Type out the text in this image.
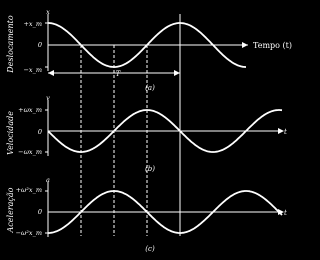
Deslocamento
x
+x_m
0
−x_m
Tempo (t)
T
(a)
Velocidade
v
+ωx_m
0
−ωx_m
t
(b)
Aceleração
a
+ω²x_m
0
−ω²x_m
t
(c)
